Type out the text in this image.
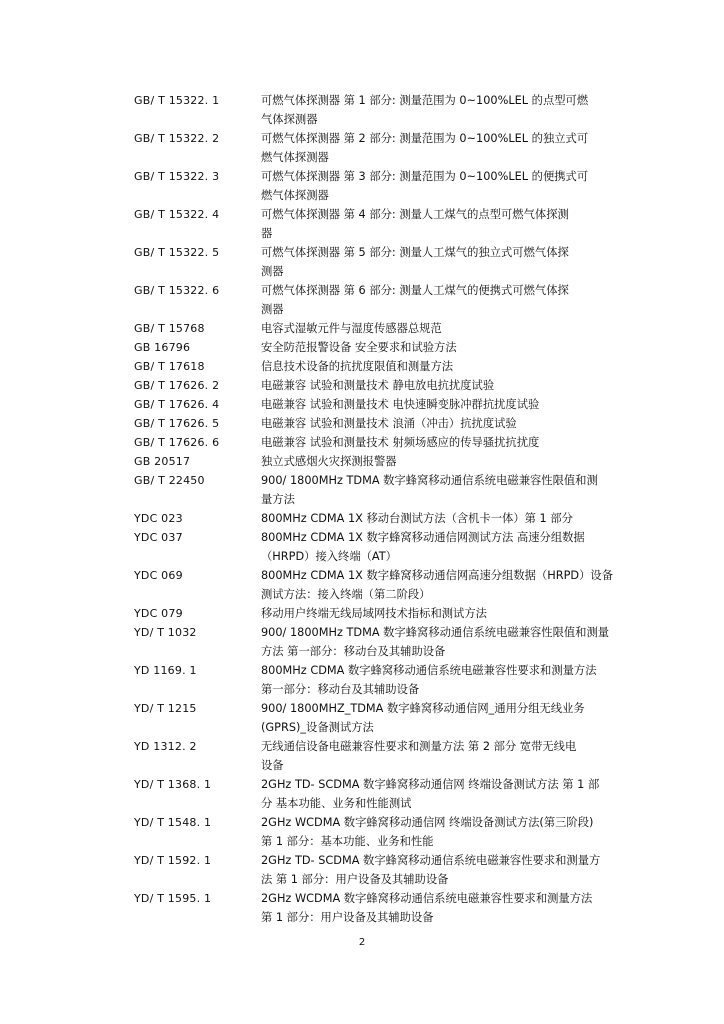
GB/ T 15322. 1	可燃气体探测器 第 1 部分: 测量范围为 0~100%LEL 的点型可燃
气体探测器
GB/ T 15322. 2	可燃气体探测器 第 2 部分: 测量范围为 0~100%LEL 的独立式可
燃气体探测器
GB/ T 15322. 3	可燃气体探测器 第 3 部分: 测量范围为 0~100%LEL 的便携式可
燃气体探测器
GB/ T 15322. 4	可燃气体探测器 第 4 部分: 测量人工煤气的点型可燃气体探测
器
GB/ T 15322. 5	可燃气体探测器 第 5 部分: 测量人工煤气的独立式可燃气体探
测器
GB/ T 15322. 6	可燃气体探测器 第 6 部分: 测量人工煤气的便携式可燃气体探
测器
GB/ T 15768	电容式湿敏元件与湿度传感器总规范
GB 16796	安全防范报警设备 安全要求和试验方法
GB/ T 17618	信息技术设备的抗扰度限值和测量方法
GB/ T 17626. 2	电磁兼容 试验和测量技术 静电放电抗扰度试验
GB/ T 17626. 4	电磁兼容 试验和测量技术 电快速瞬变脉冲群抗扰度试验
GB/ T 17626. 5	电磁兼容 试验和测量技术 浪涌（冲击）抗扰度试验
GB/ T 17626. 6	电磁兼容 试验和测量技术 射频场感应的传导骚扰抗扰度
GB 20517	独立式感烟火灾探测报警器
GB/ T 22450	900/ 1800MHz TDMA 数字蜂窝移动通信系统电磁兼容性限值和测
量方法
YDC 023	800MHz CDMA 1X 移动台测试方法（含机卡一体）第 1 部分
YDC 037	800MHz CDMA 1X 数字蜂窝移动通信网测试方法 高速分组数据
（HRPD）接入终端（AT）
YDC 069	800MHz CDMA 1X 数字蜂窝移动通信网高速分组数据（HRPD）设备
测试方法：接入终端（第二阶段）
YDC 079	移动用户终端无线局域网技术指标和测试方法
YD/ T 1032	900/ 1800MHz TDMA 数字蜂窝移动通信系统电磁兼容性限值和测量
方法 第一部分：移动台及其辅助设备
YD 1169. 1	800MHz CDMA 数字蜂窝移动通信系统电磁兼容性要求和测量方法
第一部分：移动台及其辅助设备
YD/ T 1215	900/ 1800MHZ_TDMA 数字蜂窝移动通信网_通用分组无线业务
(GPRS)_设备测试方法
YD 1312. 2	无线通信设备电磁兼容性要求和测量方法 第 2 部分 宽带无线电
设备
YD/ T 1368. 1	2GHz TD- SCDMA 数字蜂窝移动通信网 终端设备测试方法 第 1 部
分 基本功能、业务和性能测试
YD/ T 1548. 1	2GHz WCDMA 数字蜂窝移动通信网 终端设备测试方法(第三阶段)
第 1 部分：基本功能、业务和性能
YD/ T 1592. 1	2GHz TD- SCDMA 数字蜂窝移动通信系统电磁兼容性要求和测量方
法 第 1 部分：用户设备及其辅助设备
YD/ T 1595. 1	2GHz WCDMA 数字蜂窝移动通信系统电磁兼容性要求和测量方法
第 1 部分：用户设备及其辅助设备
2
